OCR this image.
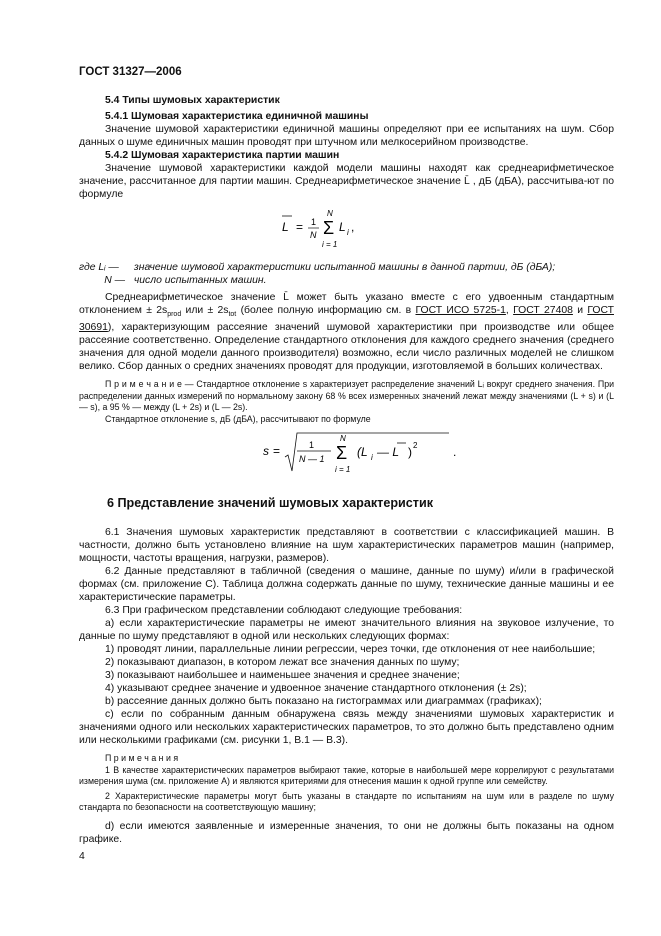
ГОСТ 31327—2006

5.4 Типы шумовых характеристик

5.4.1 Шумовая характеристика единичной машины

Значение шумовой характеристики единичной машины определяют при ее испытаниях на шум. Сбор данных о шуме единичных машин проводят при штучном или мелкосерийном производстве.

5.4.2 Шумовая характеристика партии машин

Значение шумовой характеристики каждой модели машины находят как среднеарифметическое значение, рассчитанное для партии машин. Среднеарифметическое значение L̄ , дБ (дБА), рассчитыва-ют по формуле

L = 1
N
N
Σ
i = 1
L i ,
где Lᵢ — значение шумовой характеристики испытанной машины в данной партии, дБ (дБА);
N — число испытанных машин.

Среднеарифметическое значение L̄ может быть указано вместе с его удвоенным стандартным отклонением ± $2s_{prod}$ или ± $2s_{tot}$ (более полную информацию см. в ГОСТ ИСО 5725-1, ГОСТ 27408 и ГОСТ 30691), характеризующим рассеяние значений шумовой характеристики при производстве или общее рассеяние соответственно. Определение стандартного отклонения для каждого среднего значения (среднего значения для одной модели данного производителя) возможно, если число различных моделей не слишком велико. Сбор данных о средних значениях проводят для продукции, изготовляемой в больших количествах.

П р и м е ч а н и е — Стандартное отклонение s характеризует распределение значений Lᵢ вокруг среднего значения. При распределении данных измерений по нормальному закону 68 % всех измеренных значений лежат между значениями (L + s) и (L — s), а 95 % — между (L + 2s) и (L — 2s).

Стандартное отклонение s, дБ (дБА), рассчитывают по формуле

s =	1
N — 1
N
Σ
i = 1
(L i — L ) 2	.

6 Представление значений шумовых характеристик

6.1 Значения шумовых характеристик представляют в соответствии с классификацией машин. В частности, должно быть установлено влияние на шум характеристических параметров машин (например, мощности, частоты вращения, нагрузки, размеров).

6.2 Данные представляют в табличной (сведения о машине, данные по шуму) и/или в графической формах (см. приложение С). Таблица должна содержать данные по шуму, технические данные машины и ее характеристические параметры.

6.3 При графическом представлении соблюдают следующие требования:

а) если характеристические параметры не имеют значительного влияния на звуковое излучение, то данные по шуму представляют в одной или нескольких следующих формах:

1) проводят линии, параллельные линии регрессии, через точки, где отклонения от нее наибольшие;

2) показывают диапазон, в котором лежат все значения данных по шуму;

3) показывают наибольшее и наименьшее значения и среднее значение;

4) указывают среднее значение и удвоенное значение стандартного отклонения (± 2s);

b) рассеяние данных должно быть показано на гистограммах или диаграммах (графиках);

с) если по собранным данным обнаружена связь между значениями шумовых характеристик и значениями одного или нескольких характеристических параметров, то это должно быть представлено одним или несколькими графиками (см. рисунки 1, В.1 — В.3).

П р и м е ч а н и я

1 В качестве характеристических параметров выбирают такие, которые в наибольшей мере коррелируют с результатами измерения шума (см. приложение А) и являются критериями для отнесения машин к одной группе или семейству.

2 Характеристические параметры могут быть указаны в стандарте по испытаниям на шум или в разделе по шуму стандарта по безопасности на соответствующую машину;

d) если имеются заявленные и измеренные значения, то они не должны быть показаны на одном графике.

4
